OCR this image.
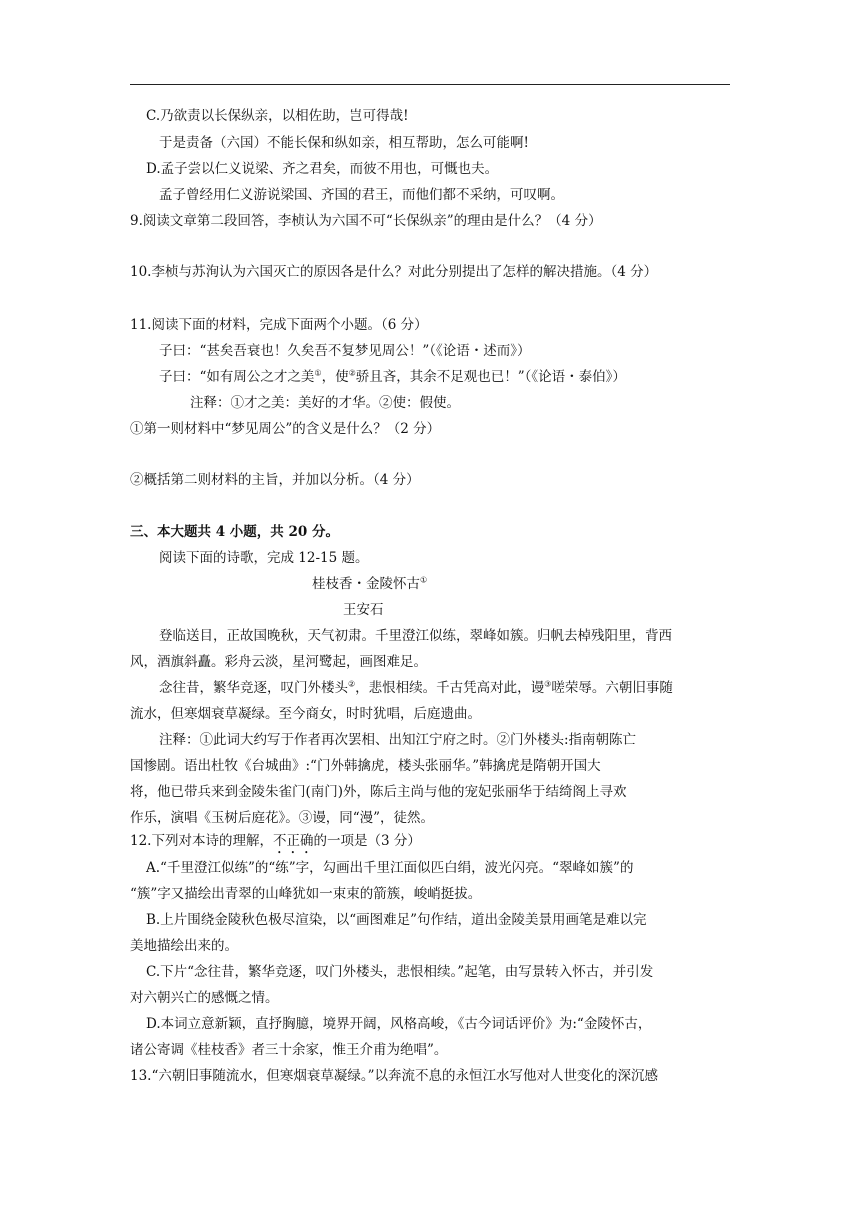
C.乃欲责以长保纵亲，以相佐助，岂可得哉!
于是责备（六国）不能长保和纵如亲，相互帮助，怎么可能啊!
D.孟子尝以仁义说梁、齐之君矣，而彼不用也，可慨也夫。
孟子曾经用仁义游说梁国、齐国的君王，而他们都不采纳，可叹啊。
9.阅读文章第二段回答，李桢认为六国不可“长保纵亲”的理由是什么？（4 分）
10.李桢与苏洵认为六国灭亡的原因各是什么？对此分别提出了怎样的解决措施。（4 分）
11.阅读下面的材料，完成下面两个小题。（6 分）
子曰：“甚矣吾衰也！久矣吾不复梦见周公！”（《论语・述而》）
子曰：“如有周公之才之美①，使②骄且吝，其余不足观也已！”（《论语・泰伯》）
注释：①才之美：美好的才华。②使：假使。
①第一则材料中“梦见周公”的含义是什么？（2 分）
②概括第二则材料的主旨，并加以分析。（4 分）
三、本大题共 4 小题，共 20 分。
阅读下面的诗歌，完成 12-15 题。
桂枝香・金陵怀古①
王安石
登临送目，正故国晚秋，天气初肃。千里澄江似练，翠峰如簇。归帆去棹残阳里，背西
风，酒旗斜矗。彩舟云淡，星河鹭起，画图难足。
念往昔，繁华竞逐，叹门外楼头②，悲恨相续。千古凭高对此，谩③嗟荣辱。六朝旧事随
流水，但寒烟衰草凝绿。至今商女，时时犹唱，后庭遗曲。
注释：①此词大约写于作者再次罢相、出知江宁府之时。②门外楼头:指南朝陈亡
国惨剧。语出杜牧《台城曲》:“门外韩擒虎，楼头张丽华。”韩擒虎是隋朝开国大
将，他已带兵来到金陵朱雀门(南门)外，陈后主尚与他的宠妃张丽华于结绮阁上寻欢
作乐，演唱《玉树后庭花》。③谩，同“漫”，徒然。
12.下列对本诗的理解，不正确的一项是（3 分）
A.“千里澄江似练”的“练”字，勾画出千里江面似匹白绢，波光闪亮。“翠峰如簇”的
“簇”字又描绘出青翠的山峰犹如一束束的箭簇，峻峭挺拔。
B.上片围绕金陵秋色极尽渲染，以“画图难足”句作结，道出金陵美景用画笔是难以完
美地描绘出来的。
C.下片“念往昔，繁华竞逐，叹门外楼头，悲恨相续。”起笔，由写景转入怀古，并引发
对六朝兴亡的感慨之情。
D.本词立意新颖，直抒胸臆，境界开阔，风格高峻，《古今词话评价》为:“金陵怀古，
诸公寄调《桂枝香》者三十余家，惟王介甫为绝唱”。
13.“六朝旧事随流水，但寒烟衰草凝绿。”以奔流不息的永恒江水写他对人世变化的深沉感
